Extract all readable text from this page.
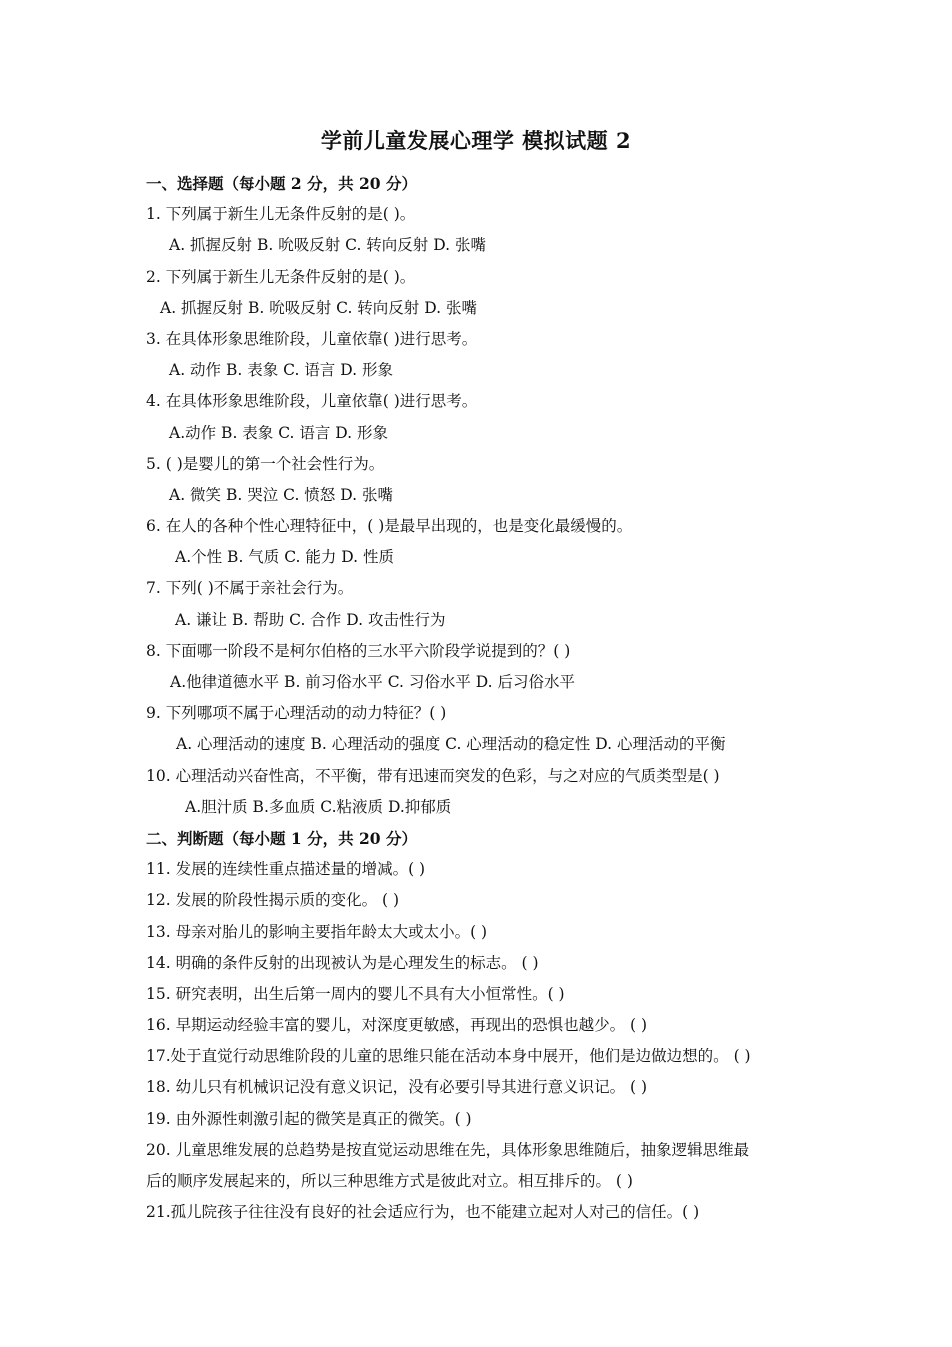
学前儿童发展心理学 模拟试题 2
一、选择题（每小题 2 分，共 20 分）
1. 下列属于新生儿无条件反射的是( )。
A. 抓握反射 B. 吮吸反射 C. 转向反射 D. 张嘴
2. 下列属于新生儿无条件反射的是( )。
A. 抓握反射 B. 吮吸反射 C. 转向反射 D. 张嘴
3. 在具体形象思维阶段，儿童依靠( )进行思考。
A. 动作 B. 表象 C. 语言 D. 形象
4. 在具体形象思维阶段，儿童依靠( )进行思考。
A.动作 B. 表象 C. 语言 D. 形象
5. ( )是婴儿的第一个社会性行为。
A. 微笑 B. 哭泣 C. 愤怒 D. 张嘴
6. 在人的各种个性心理特征中，( )是最早出现的，也是变化最缓慢的。
A.个性 B. 气质 C. 能力 D. 性质
7. 下列( )不属于亲社会行为。
A. 谦让 B. 帮助 C. 合作 D. 攻击性行为
8. 下面哪一阶段不是柯尔伯格的三水平六阶段学说提到的？( )
A.他律道德水平 B. 前习俗水平 C. 习俗水平 D. 后习俗水平
9. 下列哪项不属于心理活动的动力特征？( )
A. 心理活动的速度 B. 心理活动的强度 C. 心理活动的稳定性 D. 心理活动的平衡
10. 心理活动兴奋性高，不平衡，带有迅速而突发的色彩，与之对应的气质类型是( )
A.胆汁质 B.多血质 C.粘液质 D.抑郁质
二、判断题（每小题 1 分，共 20 分）
11. 发展的连续性重点描述量的增减。( )
12. 发展的阶段性揭示质的变化。 ( )
13. 母亲对胎儿的影响主要指年龄太大或太小。( )
14. 明确的条件反射的出现被认为是心理发生的标志。 ( )
15. 研究表明，出生后第一周内的婴儿不具有大小恒常性。( )
16. 早期运动经验丰富的婴儿，对深度更敏感，再现出的恐惧也越少。 ( )
17.处于直觉行动思维阶段的儿童的思维只能在活动本身中展开，他们是边做边想的。 ( )
18. 幼儿只有机械识记没有意义识记，没有必要引导其进行意义识记。 ( )
19. 由外源性刺激引起的微笑是真正的微笑。( )
20. 儿童思维发展的总趋势是按直觉运动思维在先，具体形象思维随后，抽象逻辑思维最
后的顺序发展起来的，所以三种思维方式是彼此对立。相互排斥的。 ( )
21.孤儿院孩子往往没有良好的社会适应行为，也不能建立起对人对己的信任。( )
